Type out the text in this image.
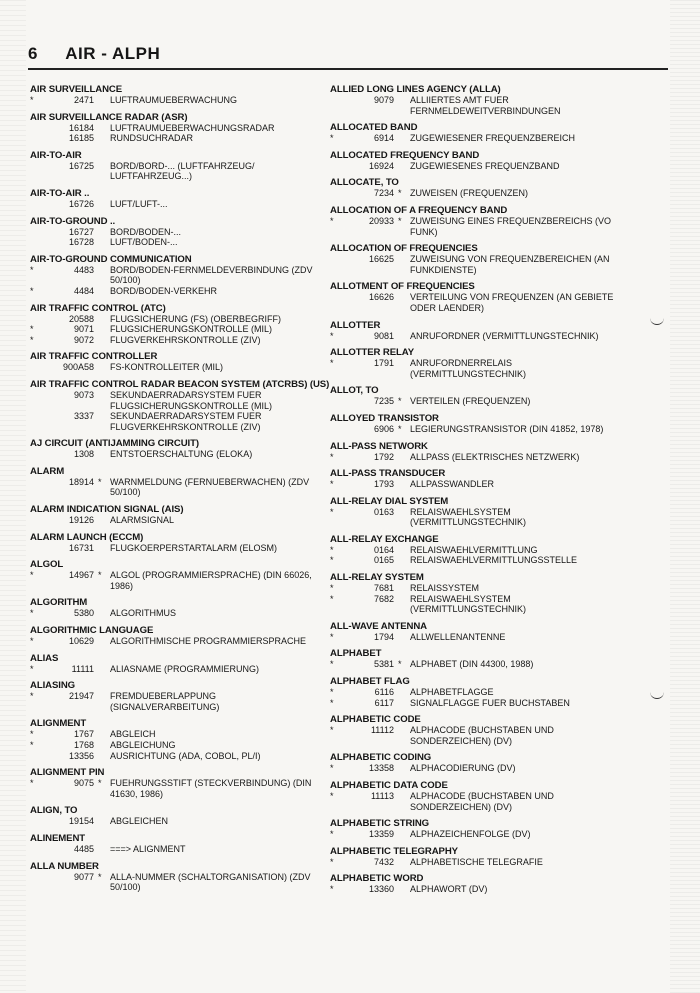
6 AIR - ALPH
AIR SURVEILLANCE
*	2471 LUFTRAUMUEBERWACHUNG
AIR SURVEILLANCE RADAR (ASR)
16184 LUFTRAUMUEBERWACHUNGSRADAR
16185 RUNDSUCHRADAR
AIR-TO-AIR
16725 BORD/BORD-... (LUFTFAHRZEUG/ LUFTFAHRZEUG...)
AIR-TO-AIR ..
16726 LUFT/LUFT-...
AIR-TO-GROUND ..
16727 BORD/BODEN-...
16728 LUFT/BODEN-...
AIR-TO-GROUND COMMUNICATION
*	4483 BORD/BODEN-FERNMELDEVERBINDUNG (ZDV 50/100)
*	4484 BORD/BODEN-VERKEHR
AIR TRAFFIC CONTROL (ATC)
20588 FLUGSICHERUNG (FS) (OBERBEGRIFF)
*	9071 FLUGSICHERUNGSKONTROLLE (MIL)
*	9072 FLUGVERKEHRSKONTROLLE (ZIV)
AIR TRAFFIC CONTROLLER
900A58 FS-KONTROLLEITER (MIL)
AIR TRAFFIC CONTROL RADAR BEACON SYSTEM (ATCRBS) (US)
9073 SEKUNDAERRADARSYSTEM FUER FLUGSICHERUNGSKONTROLLE (MIL)
3337 SEKUNDAERRADARSYSTEM FUER FLUGVERKEHRSKONTROLLE (ZIV)
AJ CIRCUIT (ANTIJAMMING CIRCUIT)
1308 ENTSTOERSCHALTUNG (ELOKA)
ALARM
18914 * WARNMELDUNG (FERNUEBERWACHEN) (ZDV 50/100)
ALARM INDICATION SIGNAL (AIS)
19126 ALARMSIGNAL
ALARM LAUNCH (ECCM)
16731 FLUGKOERPERSTARTALARM (ELOSM)
ALGOL
*	14967 * ALGOL (PROGRAMMIERSPRACHE) (DIN 66026, 1986)
ALGORITHM
*	5380 ALGORITHMUS
ALGORITHMIC LANGUAGE
*	10629 ALGORITHMISCHE PROGRAMMIERSPRACHE
ALIAS
*	11111 ALIASNAME (PROGRAMMIERUNG)
ALIASING
*	21947 FREMDUEBERLAPPUNG (SIGNALVERARBEITUNG)
ALIGNMENT
*	1767 ABGLEICH
*	1768 ABGLEICHUNG
13356 AUSRICHTUNG (ADA, COBOL, PL/I)
ALIGNMENT PIN
*	9075 * FUEHRUNGSSTIFT (STECKVERBINDUNG) (DIN 41630, 1986)
ALIGN, TO
19154 ABGLEICHEN
ALINEMENT
4485 ===> ALIGNMENT
ALLA NUMBER
9077 * ALLA-NUMMER (SCHALTORGANISATION) (ZDV 50/100)
ALLIED LONG LINES AGENCY (ALLA)
9079 ALLIIERTES AMT FUER FERNMELDEWEITVERBINDUNGEN
ALLOCATED BAND
*	6914 ZUGEWIESENER FREQUENZBEREICH
ALLOCATED FREQUENCY BAND
16924 ZUGEWIESENES FREQUENZBAND
ALLOCATE, TO
7234 * ZUWEISEN (FREQUENZEN)
ALLOCATION OF A FREQUENCY BAND
*	20933 * ZUWEISUNG EINES FREQUENZBEREICHS (VO FUNK)
ALLOCATION OF FREQUENCIES
16625 ZUWEISUNG VON FREQUENZBEREICHEN (AN FUNKDIENSTE)
ALLOTMENT OF FREQUENCIES
16626 VERTEILUNG VON FREQUENZEN (AN GEBIETE ODER LAENDER)
ALLOTTER
*	9081 ANRUFORDNER (VERMITTLUNGSTECHNIK)
ALLOTTER RELAY
*	1791 ANRUFORDNERRELAIS (VERMITTLUNGSTECHNIK)
ALLOT, TO
7235 * VERTEILEN (FREQUENZEN)
ALLOYED TRANSISTOR
6906 * LEGIERUNGSTRANSISTOR (DIN 41852, 1978)
ALL-PASS NETWORK
*	1792 ALLPASS (ELEKTRISCHES NETZWERK)
ALL-PASS TRANSDUCER
*	1793 ALLPASSWANDLER
ALL-RELAY DIAL SYSTEM
*	0163 RELAISWAEHLSYSTEM (VERMITTLUNGSTECHNIK)
ALL-RELAY EXCHANGE
*	0164 RELAISWAEHLVERMITTLUNG
*	0165 RELAISWAEHLVERMITTLUNGSSTELLE
ALL-RELAY SYSTEM
*	7681 RELAISSYSTEM
*	7682 RELAISWAEHLSYSTEM (VERMITTLUNGSTECHNIK)
ALL-WAVE ANTENNA
*	1794 ALLWELLENANTENNE
ALPHABET
*	5381 * ALPHABET (DIN 44300, 1988)
ALPHABET FLAG
*	6116 ALPHABETFLAGGE
*	6117 SIGNALFLAGGE FUER BUCHSTABEN
ALPHABETIC CODE
*	11112 ALPHACODE (BUCHSTABEN UND SONDERZEICHEN) (DV)
ALPHABETIC CODING
*	13358 ALPHACODIERUNG (DV)
ALPHABETIC DATA CODE
*	11113 ALPHACODE (BUCHSTABEN UND SONDERZEICHEN) (DV)
ALPHABETIC STRING
*	13359 ALPHAZEICHENFOLGE (DV)
ALPHABETIC TELEGRAPHY
*	7432 ALPHABETISCHE TELEGRAFIE
ALPHABETIC WORD
*	13360 ALPHAWORT (DV)
